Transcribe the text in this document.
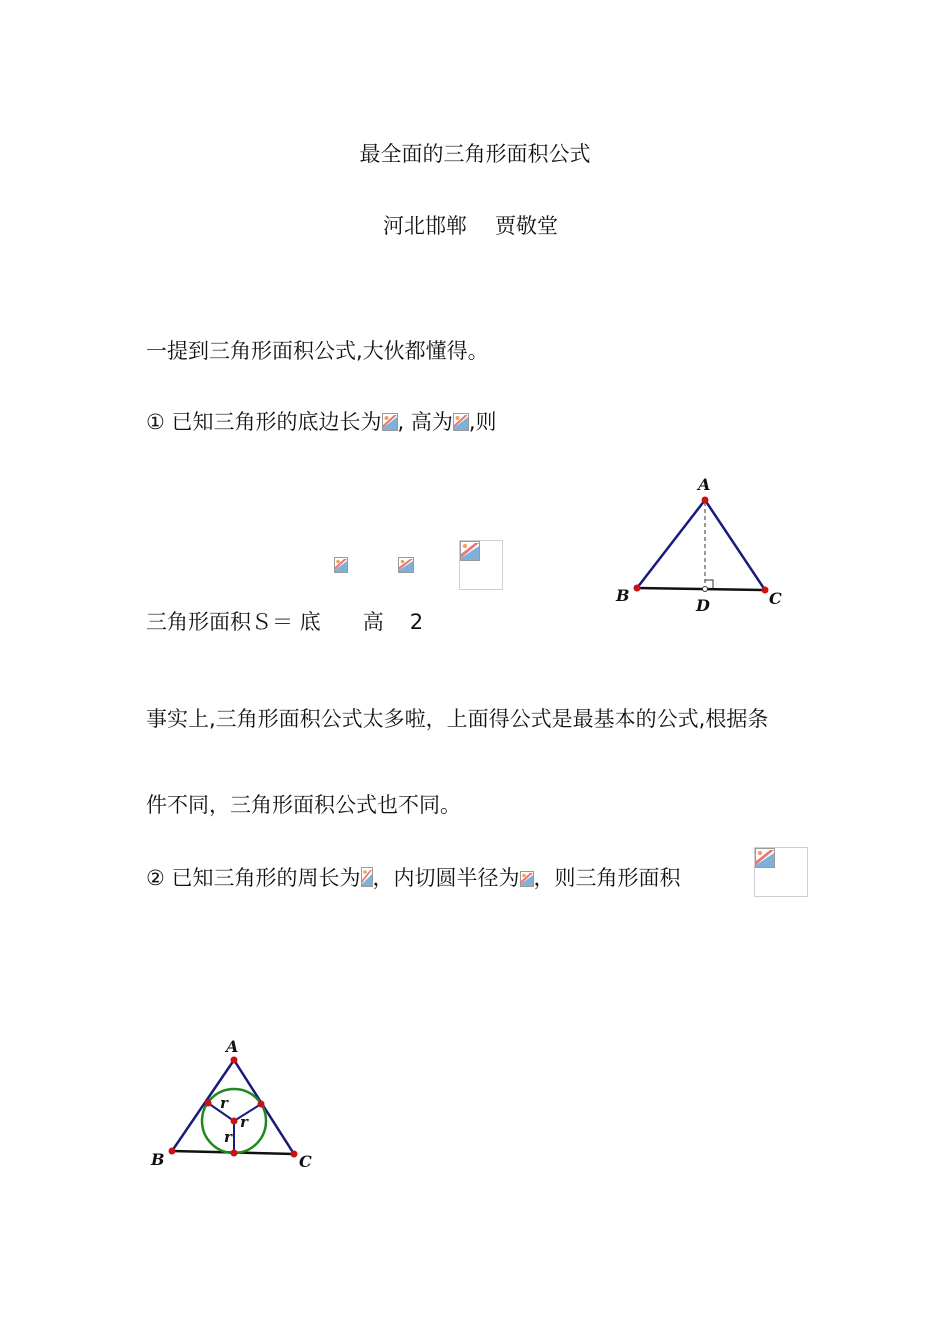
最全面的三角形面积公式
河北邯郸 贾敬堂
一提到三角形面积公式,大伙都懂得。
① 已知三角形的底边长为 , 高为 ,则
三角形面积Ｓ＝ 底 高 2
A
B	C
D
事实上,三角形面积公式太多啦，上面得公式是最基本的公式,根据条
件不同，三角形面积公式也不同。
② 已知三角形的周长为 ，内切圆半径为 ，则三角形面积
A
B	C
r
r
r
